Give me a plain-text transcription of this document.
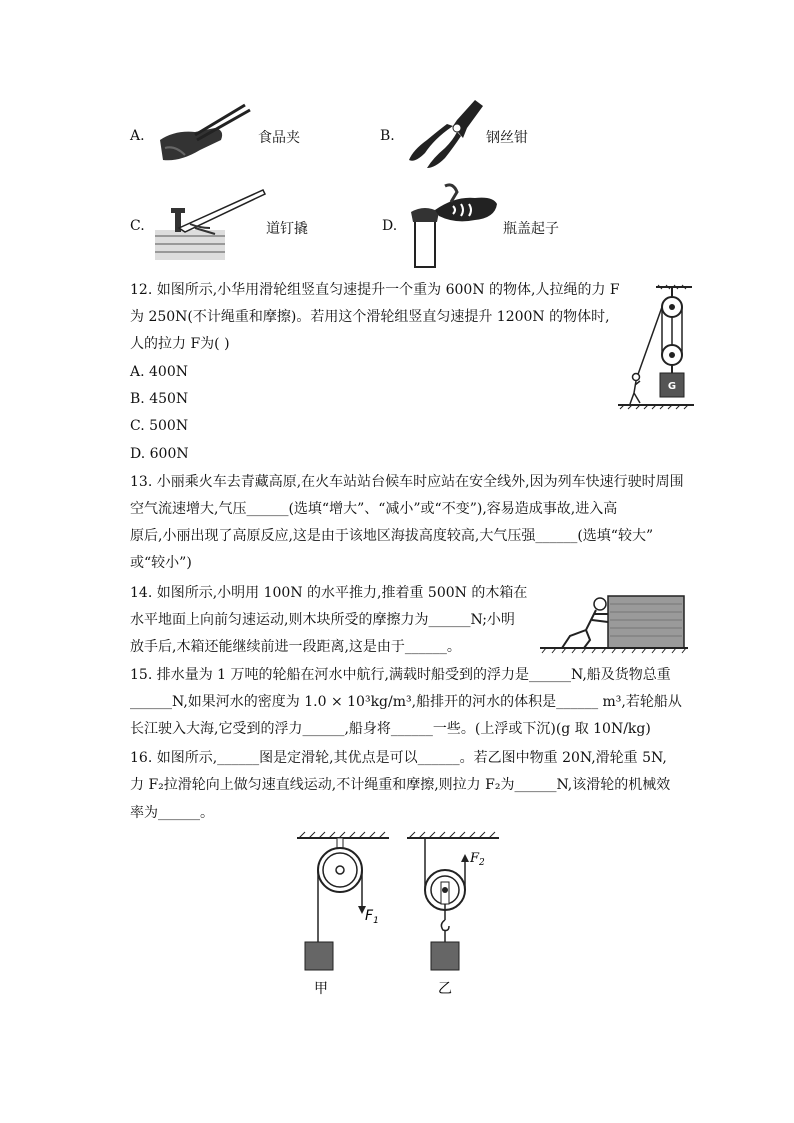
A.	食品夹	B.	钢丝钳
C.	道钉撬	D.	瓶盖起子
12. 如图所示,小华用滑轮组竖直匀速提升一个重为 600N 的物体,人拉绳的力 F
为 250N(不计绳重和摩擦)。若用这个滑轮组竖直匀速提升 1200N 的物体时,
人的拉力 F为( )
A. 400N
B. 450N
C. 500N
D. 600N
G
13. 小丽乘火车去青藏高原,在火车站站台候车时应站在安全线外,因为列车快速行驶时周围
空气流速增大,气压______(选填“增大”、“减小”或“不变”),容易造成事故,进入高
原后,小丽出现了高原反应,这是由于该地区海拔高度较高,大气压强______(选填“较大”
或“较小”)
14. 如图所示,小明用 100N 的水平推力,推着重 500N 的木箱在
水平地面上向前匀速运动,则木块所受的摩擦力为______N;小明
放手后,木箱还能继续前进一段距离,这是由于______。
15. 排水量为 1 万吨的轮船在河水中航行,满载时船受到的浮力是______N,船及货物总重
______N,如果河水的密度为 1.0 × 10³kg/m³,船排开的河水的体积是______ m³,若轮船从
长江驶入大海,它受到的浮力______,船身将______一些。(上浮或下沉)(g 取 10N/kg)
16. 如图所示,______图是定滑轮,其优点是可以______。若乙图中物重 20N,滑轮重 5N,
力 F₂拉滑轮向上做匀速直线运动,不计绳重和摩擦,则拉力 F₂为______N,该滑轮的机械效
率为______。
$F_1$
甲
$F_2$
乙
